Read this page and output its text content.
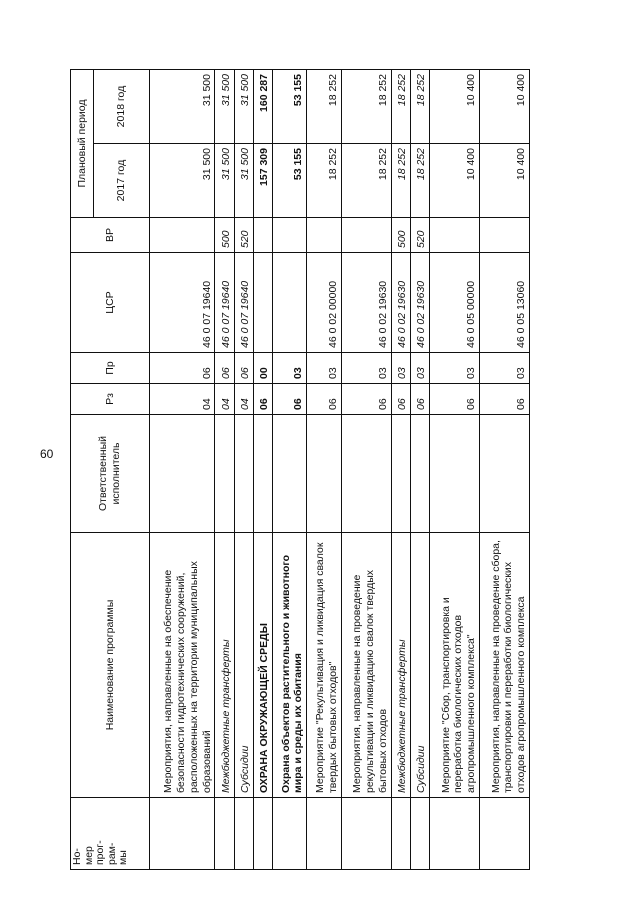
60
Но-
мер
прог-
рам-
мы	Наименование программы	Ответственный
исполнитель	Рз	Пр	ЦСР	ВР	Плановый период	
							2017 год	2018 год
	Мероприятия, направленные на обеспечение безопасности гидротехнических сооружений, расположенных на территории муниципальных образований		04	06	46 0 07 19640		31 500	31 500
	Межбюджетные трансферты		04	06	46 0 07 19640	500	31 500	31 500
	Субсидии		04	06	46 0 07 19640	520	31 500	31 500
	ОХРАНА ОКРУЖАЮЩЕЙ СРЕДЫ		06	00			157 309	160 287
	Охрана объектов растительного и животного мира и среды их обитания		06	03			53 155	53 155
	Мероприятие "Рекультивация и ликвидация свалок твердых бытовых отходов"		06	03	46 0 02 00000		18 252	18 252
	Мероприятия, направленные на проведение рекультивации и ликвидацию свалок твердых бытовых отходов		06	03	46 0 02 19630		18 252	18 252
	Межбюджетные трансферты		06	03	46 0 02 19630	500	18 252	18 252
	Субсидии		06	03	46 0 02 19630	520	18 252	18 252
	Мероприятие "Сбор, транспортировка и переработка биологических отходов агропромышленного комплекса"		06	03	46 0 05 00000		10 400	10 400
	Мероприятия, направленные на проведение сбора, транспортировки и переработки биологических отходов агропромышленного комплекса		06	03	46 0 05 13060		10 400	10 400
